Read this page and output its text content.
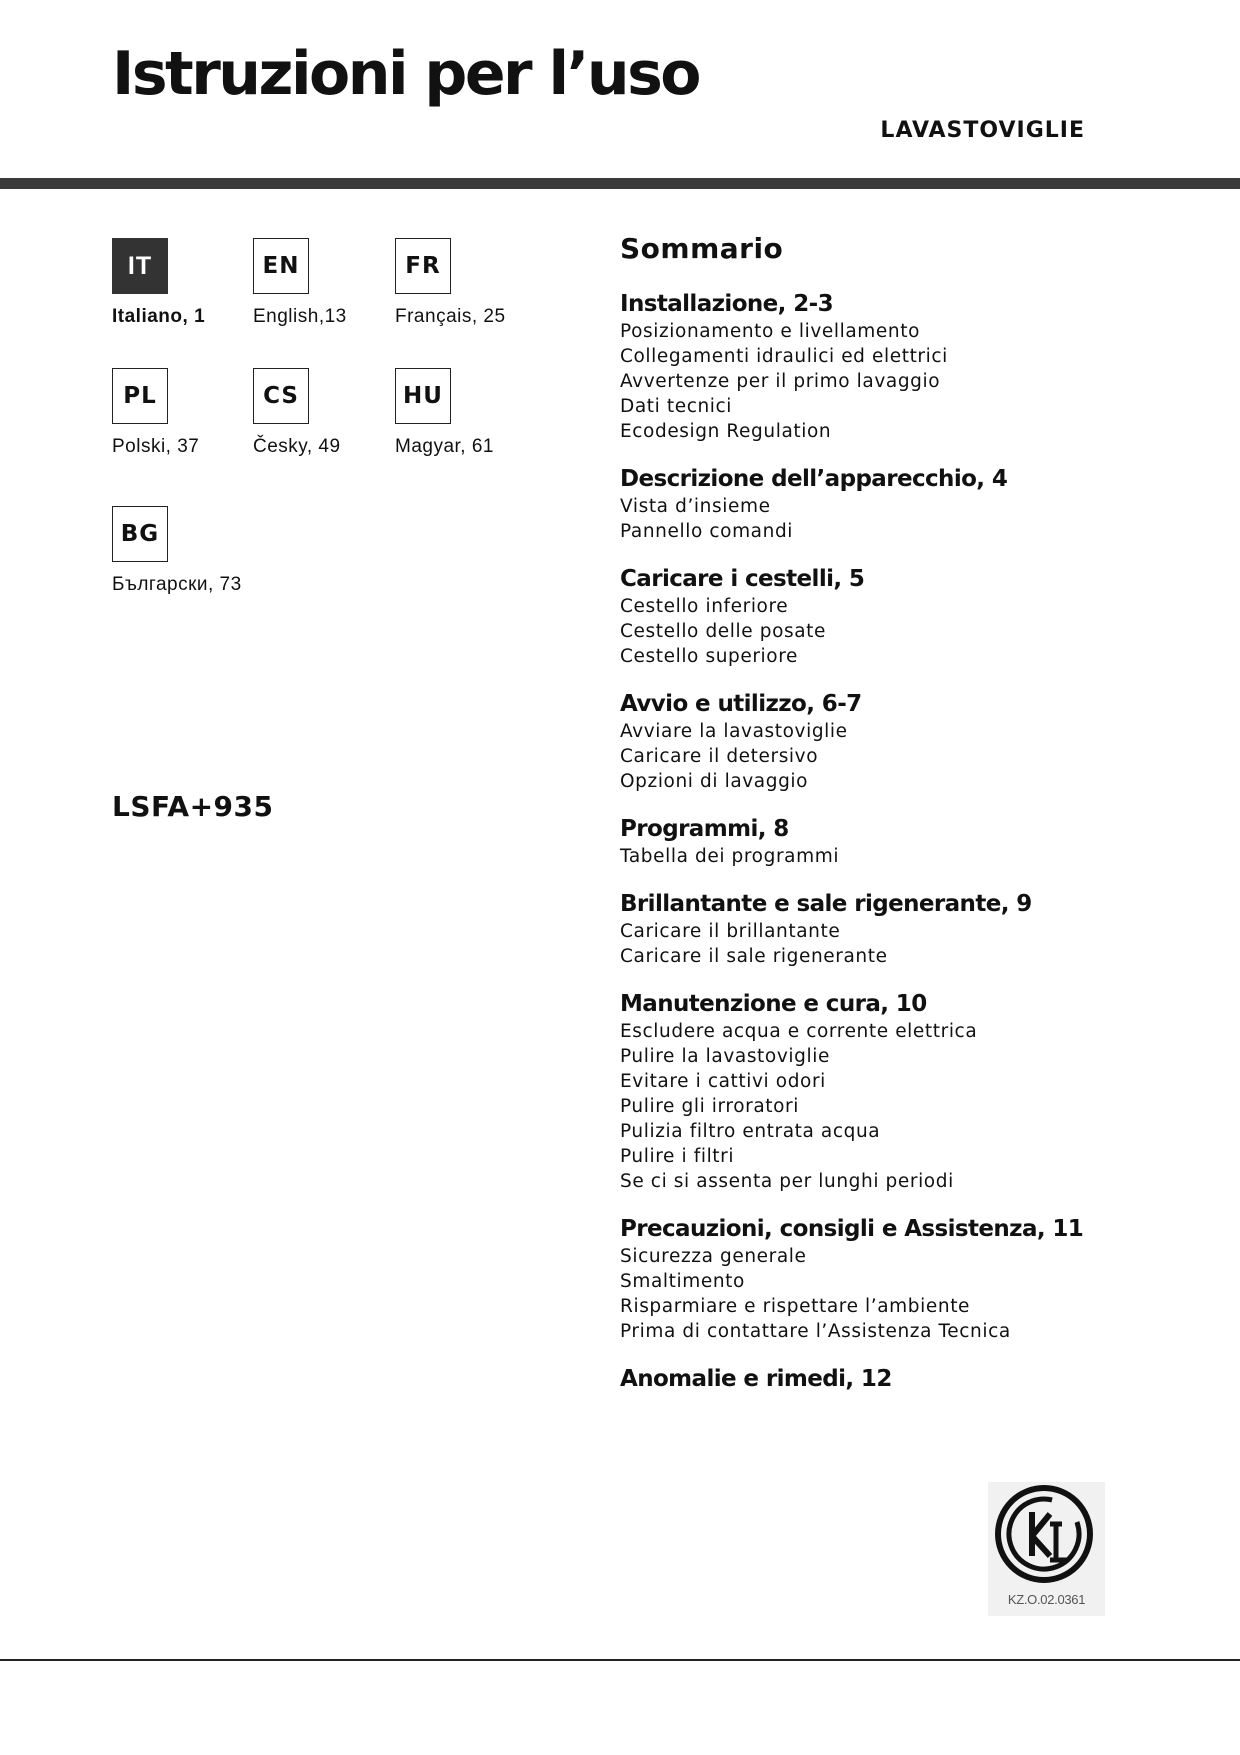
Istruzioni per l’uso
LAVASTOVIGLIE
IT
Italiano, 1
EN
English,13
FR
Français, 25
PL
Polski, 37
CS
Česky, 49
HU
Magyar, 61
BG
Български, 73
LSFA+935
Sommario
Installazione, 2-3
Posizionamento e livellamento
Collegamenti idraulici ed elettrici
Avvertenze per il primo lavaggio
Dati tecnici
Ecodesign Regulation
Descrizione dell’apparecchio, 4
Vista d’insieme
Pannello comandi
Caricare i cestelli, 5
Cestello inferiore
Cestello delle posate
Cestello superiore
Avvio e utilizzo, 6-7
Avviare la lavastoviglie
Caricare il detersivo
Opzioni di lavaggio
Programmi, 8
Tabella dei programmi
Brillantante e sale rigenerante, 9
Caricare il brillantante
Caricare il sale rigenerante
Manutenzione e cura, 10
Escludere acqua e corrente elettrica
Pulire la lavastoviglie
Evitare i cattivi odori
Pulire gli irroratori
Pulizia filtro entrata acqua
Pulire i filtri
Se ci si assenta per lunghi periodi
Precauzioni, consigli e Assistenza, 11
Sicurezza generale
Smaltimento
Risparmiare e rispettare l’ambiente
Prima di contattare l’Assistenza Tecnica
Anomalie e rimedi, 12
KZ.O.02.0361
